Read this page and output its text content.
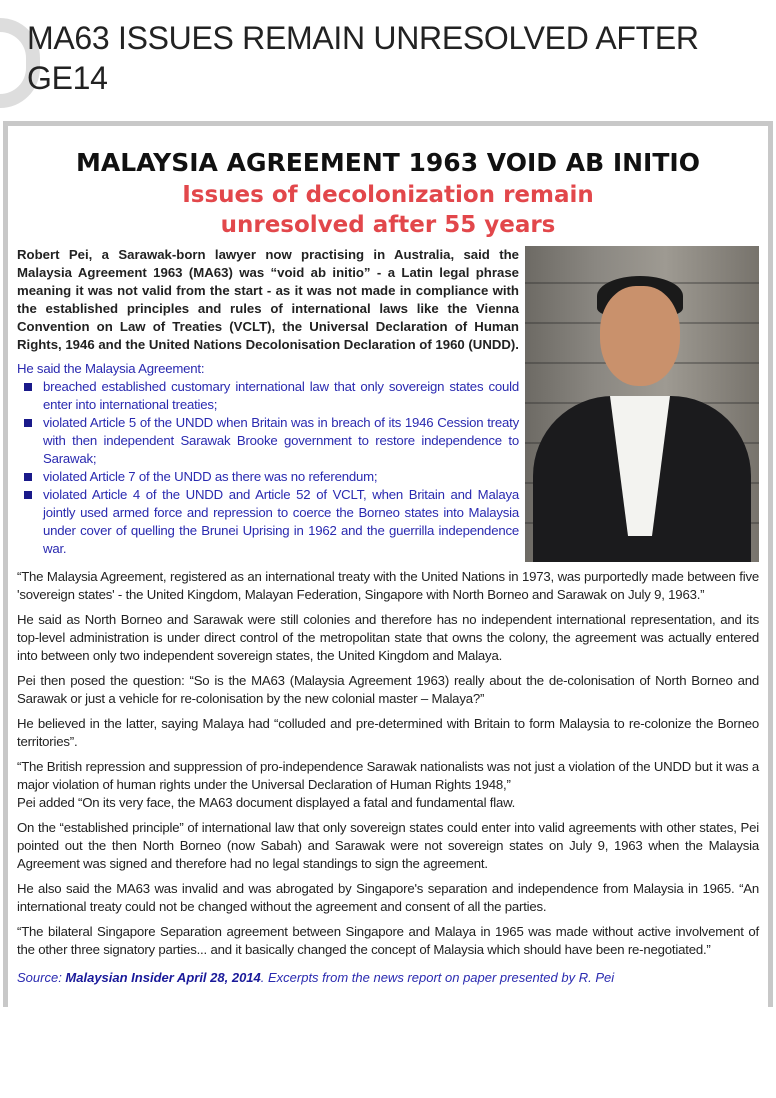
MA63 ISSUES REMAIN UNRESOLVED AFTER GE14
MALAYSIA AGREEMENT 1963 VOID AB INITIO
Issues of decolonization remain
unresolved after 55 years

Robert Pei, a Sarawak-born lawyer now practising in Australia, said the Malaysia Agreement 1963 (MA63) was “void ab initio” - a Latin legal phrase meaning it was not valid from the start - as it was not made in compliance with the established principles and rules of international laws like the Vienna Convention on Law of Treaties (VCLT), the Universal Declaration of Human Rights, 1946 and the United Nations Decolonisation Declaration of 1960 (UNDD).

He said the Malaysia Agreement:
breached established customary international law that only sovereign states could enter into international treaties;
violated Article 5 of the UNDD when Britain was in breach of its 1946 Cession treaty with then independent Sarawak Brooke government to restore independence to Sarawak;
violated Article 7 of the UNDD as there was no referendum;
violated Article 4 of the UNDD and Article 52 of VCLT, when Britain and Malaya jointly used armed force and repression to coerce the Borneo states into Malaysia under cover of quelling the Brunei Uprising in 1962 and the guerrilla independence war.

“The Malaysia Agreement, registered as an international treaty with the United Nations in 1973, was purportedly made between five 'sovereign states' - the United Kingdom, Malayan Federation, Singapore with North Borneo and Sarawak on July 9, 1963.”

He said as North Borneo and Sarawak were still colonies and therefore has no independent international representation, and its top-level administration is under direct control of the metropolitan state that owns the colony, the agreement was actually entered into between only two independent sovereign states, the United Kingdom and Malaya.

Pei then posed the question: “So is the MA63 (Malaysia Agreement 1963) really about the de-colonisation of North Borneo and Sarawak or just a vehicle for re-colonisation by the new colonial master – Malaya?”

He believed in the latter, saying Malaya had “colluded and pre-determined with Britain to form Malaysia to re-colonize the Borneo territories”.

“The British repression and suppression of pro-independence Sarawak nationalists was not just a violation of the UNDD but it was a major violation of human rights under the Universal Declaration of Human Rights 1948,”

Pei added “On its very face, the MA63 document displayed a fatal and fundamental flaw.

On the “established principle” of international law that only sovereign states could enter into valid agreements with other states, Pei pointed out the then North Borneo (now Sabah) and Sarawak were not sovereign states on July 9, 1963 when the Malaysia Agreement was signed and therefore had no legal standings to sign the agreement.

He also said the MA63 was invalid and was abrogated by Singapore's separation and independence from Malaysia in 1965. “An international treaty could not be changed without the agreement and consent of all the parties.

“The bilateral Singapore Separation agreement between Singapore and Malaya in 1965 was made without active involvement of the other three signatory parties... and it basically changed the concept of Malaysia which should have been re-negotiated.”

Source: Malaysian Insider April 28, 2014. Excerpts from the news report on paper presented by R. Pei
